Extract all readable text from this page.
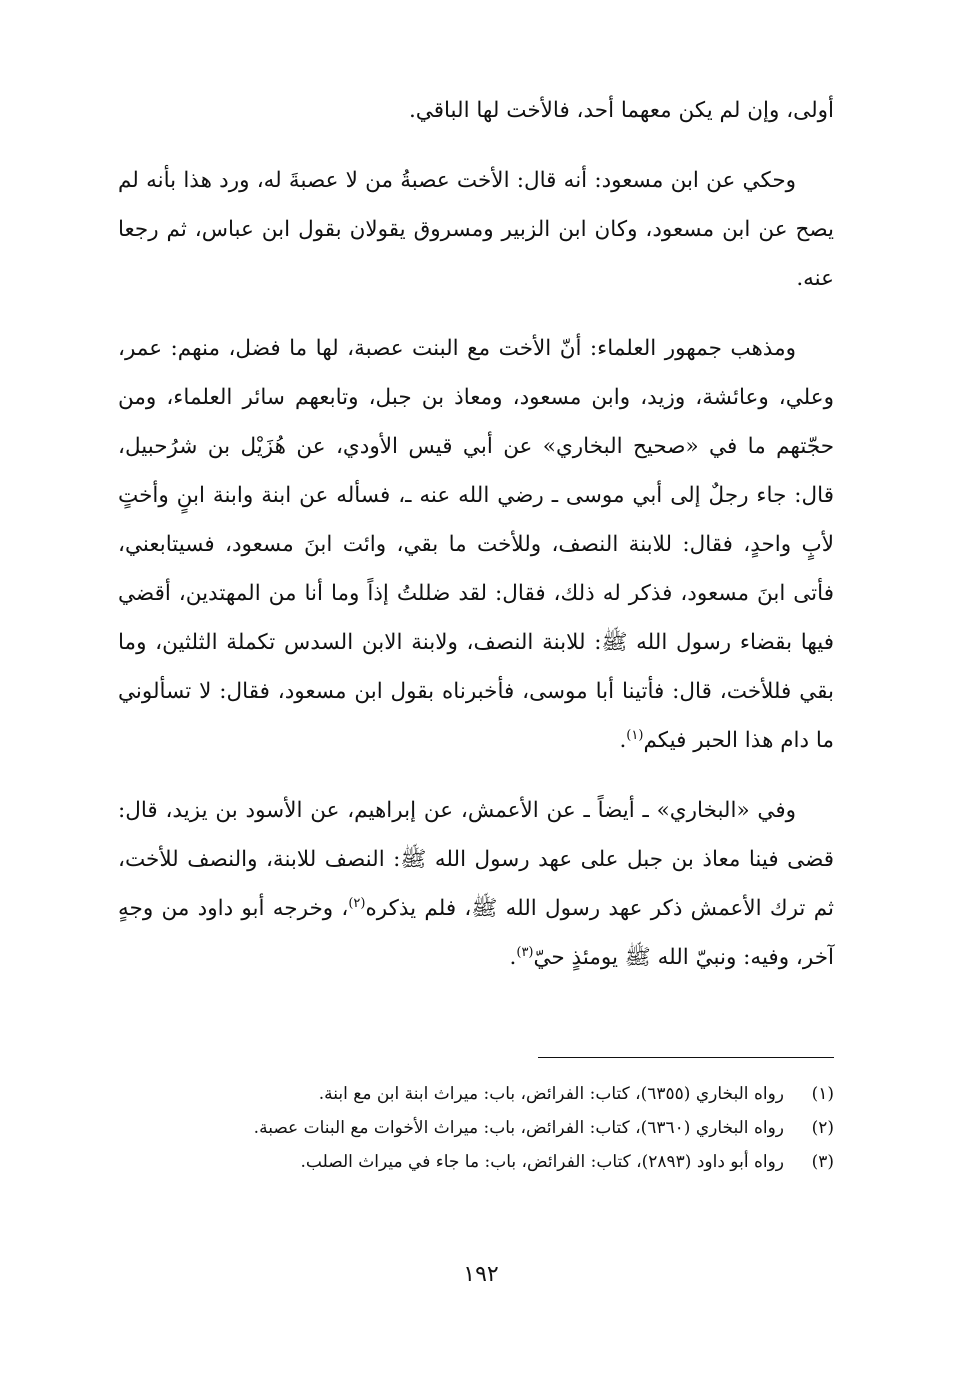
أولى، وإن لم يكن معهما أحد، فالأخت لها الباقي.

وحكي عن ابن مسعود: أنه قال: الأخت عصبةُ من لا عصبةَ له، ورد هذا بأنه لم يصح عن ابن مسعود، وكان ابن الزبير ومسروق يقولان بقول ابن عباس، ثم رجعا عنه.

ومذهب جمهور العلماء: أنّ الأخت مع البنت عصبة، لها ما فضل، منهم: عمر، وعلي، وعائشة، وزيد، وابن مسعود، ومعاذ بن جبل، وتابعهم سائر العلماء، ومن حجّتهم ما في «صحيح البخاري» عن أبي قيس الأودي، عن هُزَيْل بن شرُحبيل، قال: جاء رجلٌ إلى أبي موسى ـ رضي الله عنه ـ، فسأله عن ابنة وابنة ابنٍ وأختٍ لأبٍ واحدٍ، فقال: للابنة النصف، وللأخت ما بقي، وائت ابنَ مسعود، فسيتابعني، فأتى ابنَ مسعود، فذكر له ذلك، فقال: لقد ضللتُ إذاً وما أنا من المهتدين، أقضي فيها بقضاء رسول الله ﷺ: للابنة النصف، ولابنة الابن السدس تكملة الثلثين، وما بقي فللأخت، قال: فأتينا أبا موسى، فأخبرناه بقول ابن مسعود، فقال: لا تسألوني ما دام هذا الحبر فيكم$^{(١)}$.

وفي «البخاري» ـ أيضاً ـ عن الأعمش، عن إبراهيم، عن الأسود بن يزيد، قال: قضى فينا معاذ بن جبل على عهد رسول الله ﷺ: النصف للابنة، والنصف للأخت، ثم ترك الأعمش ذكر عهد رسول الله ﷺ، فلم يذكره$^{(٢)}$، وخرجه أبو داود من وجهٍ آخر، وفيه: ونبيّ الله ﷺ يومئذٍ حيّ$^{(٣)}$.

(١)
رواه البخاري (٦٣٥٥)، كتاب: الفرائض، باب: ميراث ابنة ابن مع ابنة.
(٢)
رواه البخاري (٦٣٦٠)، كتاب: الفرائض، باب: ميراث الأخوات مع البنات عصبة.
(٣)
رواه أبو داود (٢٨٩٣)، كتاب: الفرائض، باب: ما جاء في ميراث الصلب.
١٩٢
